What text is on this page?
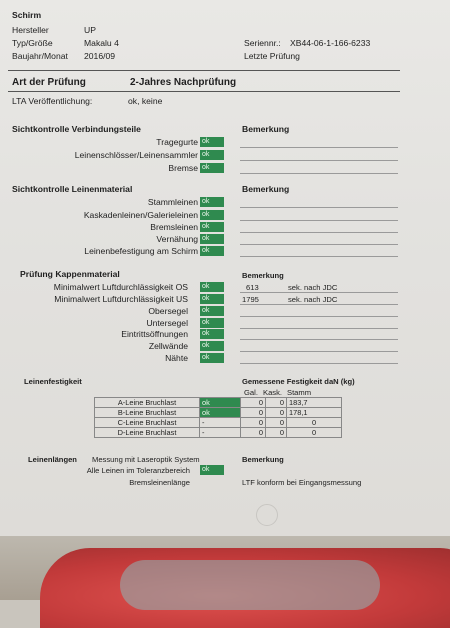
Schirm
Hersteller	UP
Typ/Größe	Makalu 4
Baujahr/Monat 2016/09
Seriennr.: XB44-06-1-166-6233
Letzte Prüfung
Art der Prüfung	2-Jahres Nachprüfung
LTA Veröffentlichung:	ok, keine
Sichtkontrolle Verbindungsteile	Bemerkung
Tragegurte ok
Leinenschlösser/Leinensammler ok
Bremse ok
Sichtkontrolle Leinenmaterial	Bemerkung
Stammleinen ok
Kaskadenleinen/Galerieleinen ok
Bremsleinen ok
Vernähung ok
Leinenbefestigung am Schirm ok
Prüfung Kappenmaterial	Bemerkung
Minimalwert Luftdurchlässigkeit OS ok	613	sek. nach JDC
Minimalwert Luftdurchlässigkeit US ok	1795	sek. nach JDC
Obersegel ok
Untersegel ok
Eintrittsöffnungen ok
Zellwände ok
Nähte ok
Leinenfestigkeit	Gemessene Festigkeit daN (kg)
Gal. Kask. Stamm
A-Leine Bruchlast	ok	0	0	183,7
B-Leine Bruchlast	ok	0	0	178,1
C-Leine Bruchlast	-	0	0	0
D-Leine Bruchlast	-	0	0	0
Leinenlängen Messung mit Laseroptik System	Bemerkung
Alle Leinen im Toleranzbereich ok
Bremsleinenlänge	LTF konform bei Eingangsmessung
